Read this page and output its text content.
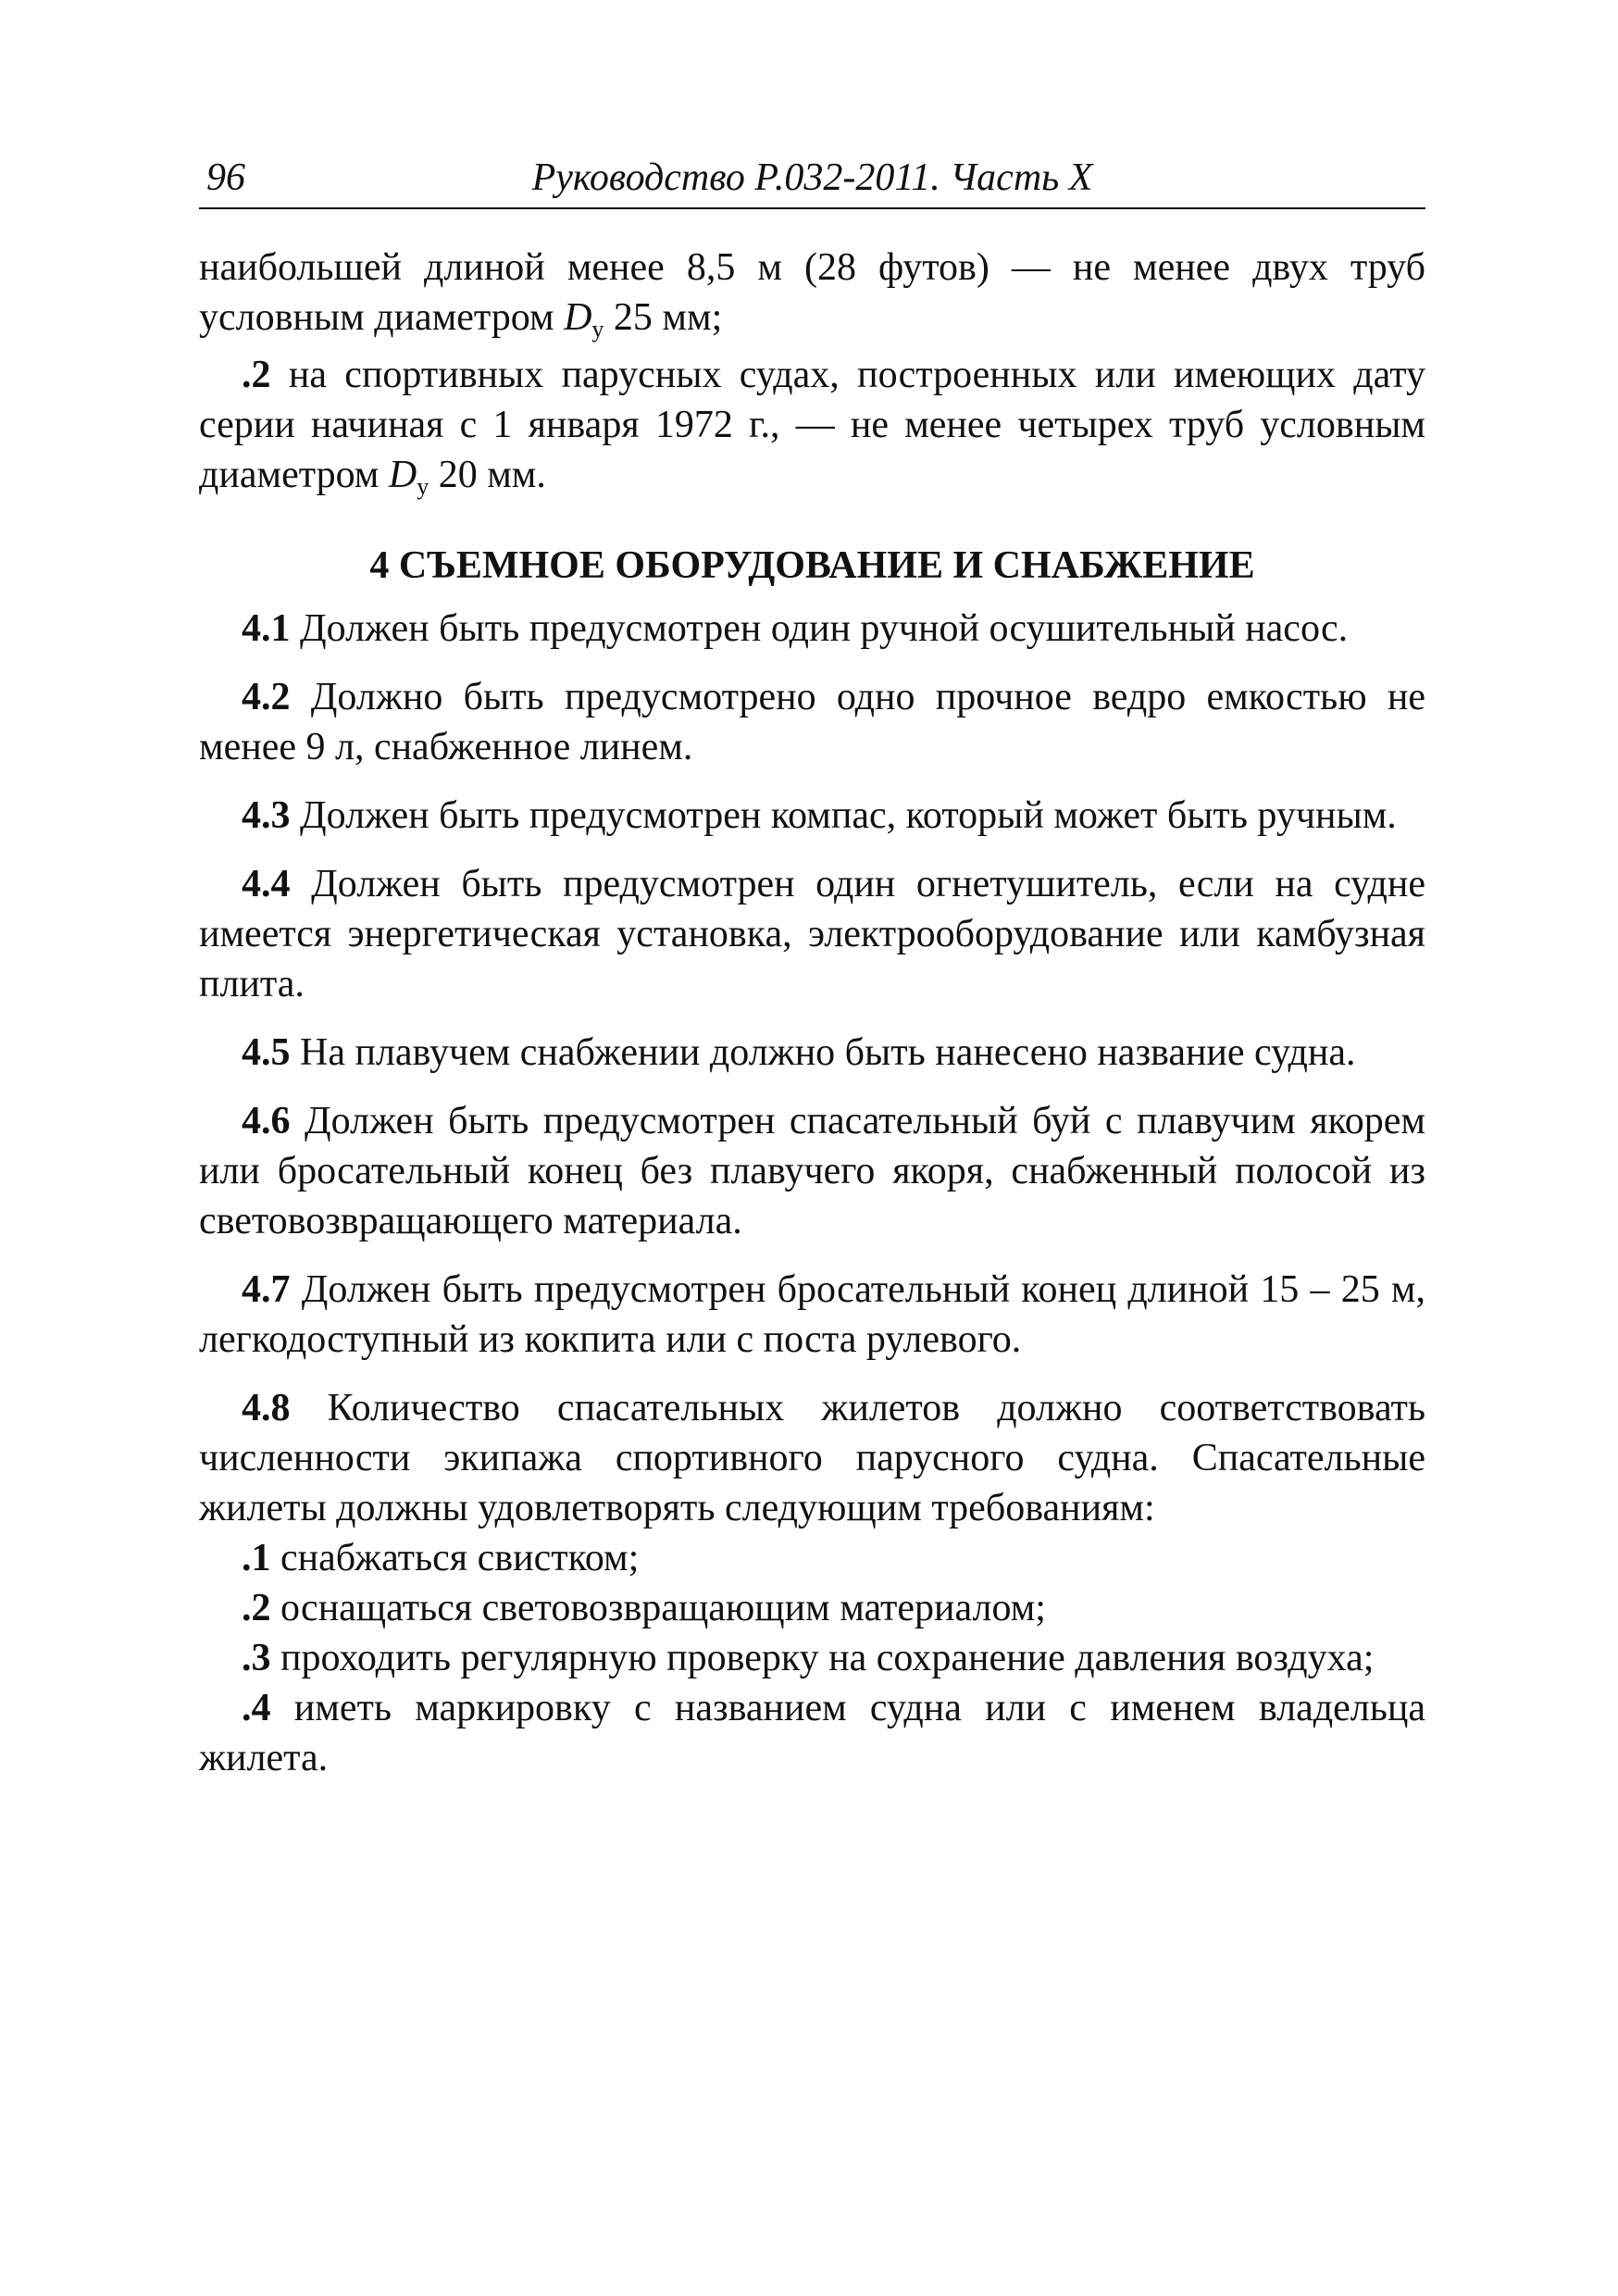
96	Руководство Р.032-2011. Часть X

наибольшей длиной менее 8,5 м (28 футов) — не менее двух труб условным диаметром $D_у$ 25 мм;

.2 на спортивных парусных судах, построенных или имеющих дату серии начиная с 1 января 1972 г., — не менее четырех труб условным диаметром $D_у$ 20 мм.

4 СЪЕМНОЕ ОБОРУДОВАНИЕ И СНАБЖЕНИЕ

4.1 Должен быть предусмотрен один ручной осушительный насос.

4.2 Должно быть предусмотрено одно прочное ведро емкостью не менее 9 л, снабженное линем.

4.3 Должен быть предусмотрен компас, который может быть ручным.

4.4 Должен быть предусмотрен один огнетушитель, если на судне имеется энергетическая установка, электрооборудование или камбузная плита.

4.5 На плавучем снабжении должно быть нанесено название судна.

4.6 Должен быть предусмотрен спасательный буй с плавучим якорем или бросательный конец без плавучего якоря, снабженный полосой из световозвращающего материала.

4.7 Должен быть предусмотрен бросательный конец длиной 15 – 25 м, легкодоступный из кокпита или с поста рулевого.

4.8 Количество спасательных жилетов должно соответствовать численности экипажа спортивного парусного судна. Спасательные жилеты должны удовлетворять следующим требованиям:

.1 снабжаться свистком;

.2 оснащаться световозвращающим материалом;

.3 проходить регулярную проверку на сохранение давления воздуха;

.4 иметь маркировку с названием судна или с именем владельца жилета.
